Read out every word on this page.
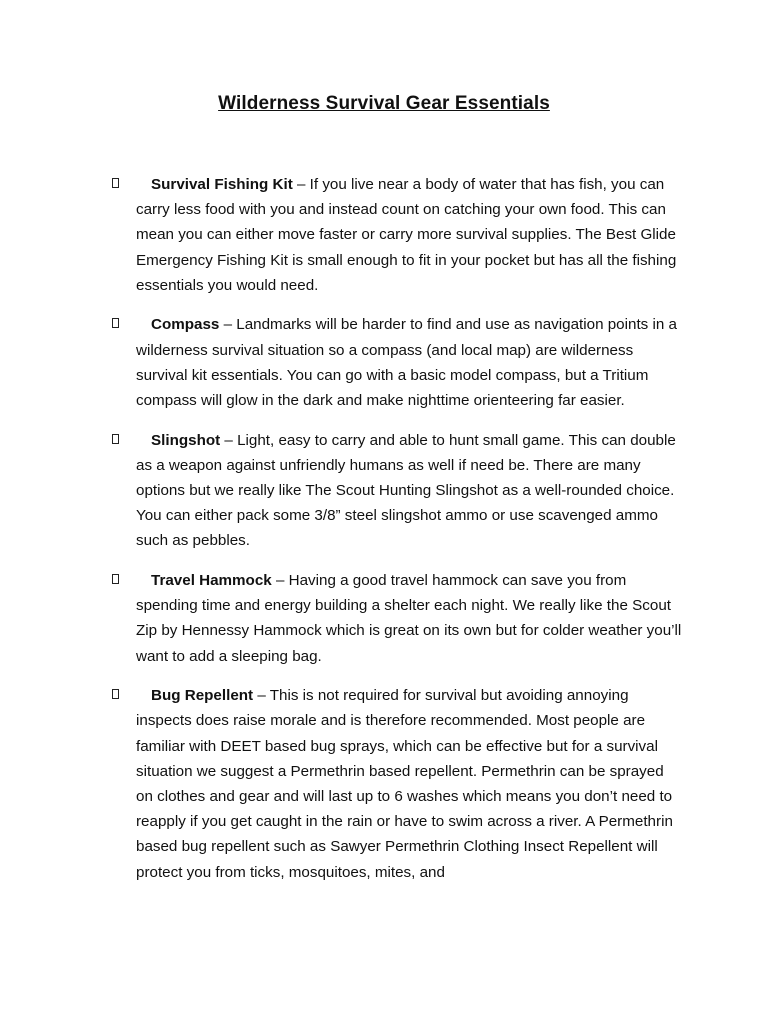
Wilderness Survival Gear Essentials
Survival Fishing Kit – If you live near a body of water that has fish, you can carry less food with you and instead count on catching your own food. This can mean you can either move faster or carry more survival supplies. The Best Glide Emergency Fishing Kit is small enough to fit in your pocket but has all the fishing essentials you would need.
Compass – Landmarks will be harder to find and use as navigation points in a wilderness survival situation so a compass (and local map) are wilderness survival kit essentials. You can go with a basic model compass, but a Tritium compass will glow in the dark and make nighttime orienteering far easier.
Slingshot – Light, easy to carry and able to hunt small game. This can double as a weapon against unfriendly humans as well if need be. There are many options but we really like The Scout Hunting Slingshot as a well-rounded choice. You can either pack some 3/8” steel slingshot ammo or use scavenged ammo such as pebbles.
Travel Hammock – Having a good travel hammock can save you from spending time and energy building a shelter each night. We really like the Scout Zip by Hennessy Hammock which is great on its own but for colder weather you’ll want to add a sleeping bag.
Bug Repellent – This is not required for survival but avoiding annoying inspects does raise morale and is therefore recommended. Most people are familiar with DEET based bug sprays, which can be effective but for a survival situation we suggest a Permethrin based repellent. Permethrin can be sprayed on clothes and gear and will last up to 6 washes which means you don’t need to reapply if you get caught in the rain or have to swim across a river. A Permethrin based bug repellent such as Sawyer Permethrin Clothing Insect Repellent will protect you from ticks, mosquitoes, mites, and
